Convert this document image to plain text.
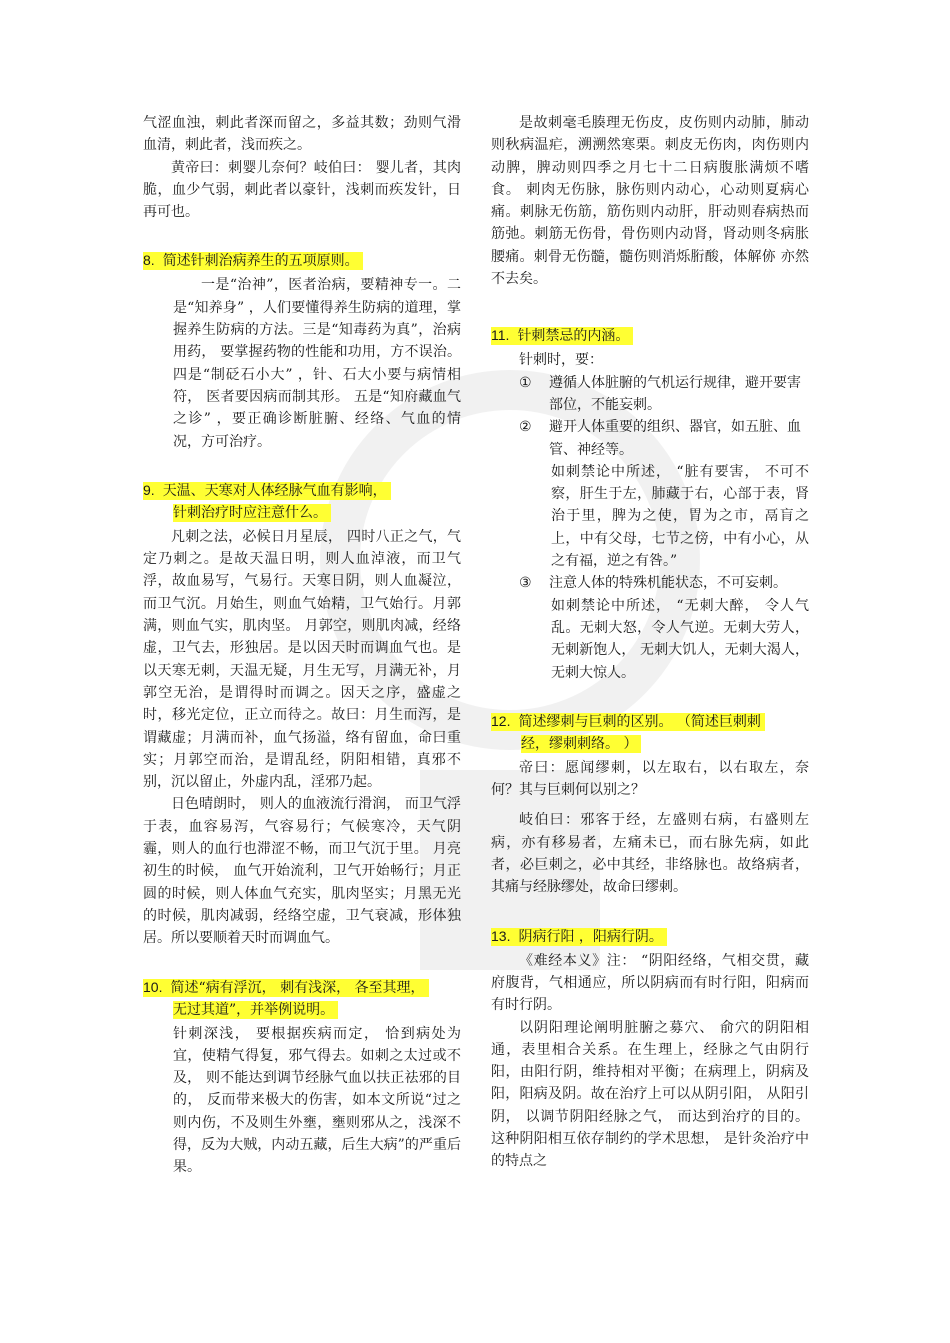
气涩血浊，刺此者深而留之，多益其数；劲则气滑血清，刺此者，浅而疾之。

黄帝曰：刺婴儿奈何？岐伯曰： 婴儿者，其肉脆，血少气弱，刺此者以豪针，浅刺而疾发针，日再可也。

8. 简述针刺治病养生的五项原则。

一是“治神”，医者治病，要精神专一。二是“知养身” ，人们要懂得养生防病的道理，掌握养生防病的方法。三是“知毒药为真”，治病用药， 要掌握药物的性能和功用，方不误治。四是“制砭石小大” ，针、石大小要与病情相符， 医者要因病而制其形。 五是“知府藏血气之诊” ，要正确诊断脏腑、经络、气血的情况，方可治疗。

9. 天温、天寒对人体经脉气血有影响，
针刺治疗时应注意什么。

凡刺之法，必候日月星辰， 四时八正之气，气定乃刺之。是故天温日明，则人血淖液，而卫气浮，故血易写，气易行。天寒日阴，则人血凝泣，而卫气沉。月始生，则血气始精，卫气始行。月郭满，则血气实，肌肉坚。 月郭空，则肌肉减，经络虚，卫气去，形独居。是以因天时而调血气也。是以天寒无刺，天温无疑，月生无写，月满无补，月郭空无治，是谓得时而调之。因天之序，盛虚之时，移光定位，正立而待之。故曰：月生而泻，是谓藏虚；月满而补，血气扬溢，络有留血，命曰重实；月郭空而治，是谓乱经，阴阳相错，真邪不别，沉以留止，外虚内乱，淫邪乃起。

日色晴朗时， 则人的血液流行滑润， 而卫气浮于表，血容易泻，气容易行；气候寒冷，天气阴霾，则人的血行也滞涩不畅，而卫气沉于里。 月亮初生的时候， 血气开始流利，卫气开始畅行；月正圆的时候，则人体血气充实，肌肉坚实；月黑无光的时候，肌肉减弱，经络空虚，卫气衰减，形体独居。所以要顺着天时而调血气。

10. 简述“病有浮沉， 刺有浅深， 各至其理，
无过其道”，并举例说明。

针刺深浅， 要根据疾病而定， 恰到病处为宜，使精气得复，邪气得去。如刺之太过或不及， 则不能达到调节经脉气血以扶正祛邪的目的， 反而带来极大的伤害，如本文所说“过之则内伤，不及则生外壅，壅则邪从之，浅深不得，反为大贼，内动五藏，后生大病”的严重后果。

是故刺毫毛腠理无伤皮，皮伤则内动肺，肺动则秋病温疟，溯溯然寒栗。刺皮无伤肉，肉伤则内动脾，脾动则四季之月七十二日病腹胀满烦不嗜食。 刺肉无伤脉，脉伤则内动心，心动则夏病心痛。刺脉无伤筋，筋伤则内动肝，肝动则春病热而筋弛。刺筋无伤骨，骨伤则内动肾，肾动则冬病胀腰痛。刺骨无伤髓，髓伤则消烁胻酸，体解㑊 亦然不去矣。

11. 针刺禁忌的内涵。

针刺时，要：

①	遵循人体脏腑的气机运行规律，避开要害部位，不能妄刺。
②	避开人体重要的组织、器官，如五脏、血管、神经等。

如刺禁论中所述， “脏有要害， 不可不察，肝生于左，肺藏于右，心部于表，肾治于里，脾为之使，胃为之市，鬲肓之上，中有父母，七节之傍，中有小心，从之有福，逆之有咎。”

③	注意人体的特殊机能状态，不可妄刺。

如刺禁论中所述， “无刺大醉， 令人气乱。无刺大怒，令人气逆。无刺大劳人， 无刺新饱人， 无刺大饥人，无刺大渴人，无刺大惊人。

12. 简述缪刺与巨刺的区别。 （简述巨刺刺
经，缪刺刺络。 ）

帝曰：愿闻缪刺，以左取右，以右取左，奈何？其与巨刺何以别之？

岐伯曰：邪客于经，左盛则右病，右盛则左病，亦有移易者，左痛未已，而右脉先病，如此者，必巨刺之，必中其经，非络脉也。故络病者，其痛与经脉缪处，故命曰缪刺。

13. 阴病行阳 ，阳病行阴。

《难经本义》注： “阴阳经络，气相交贯，藏府腹背，气相通应，所以阴病而有时行阳，阳病而有时行阴。

以阴阳理论阐明脏腑之募穴、 俞穴的阴阳相通，表里相合关系。在生理上，经脉之气由阴行阳，由阳行阴，维持相对平衡；在病理上，阴病及阳，阳病及阴。故在治疗上可以从阴引阳， 从阳引阴， 以调节阴阳经脉之气， 而达到治疗的目的。 这种阴阳相互依存制约的学术思想， 是针灸治疗中的特点之
